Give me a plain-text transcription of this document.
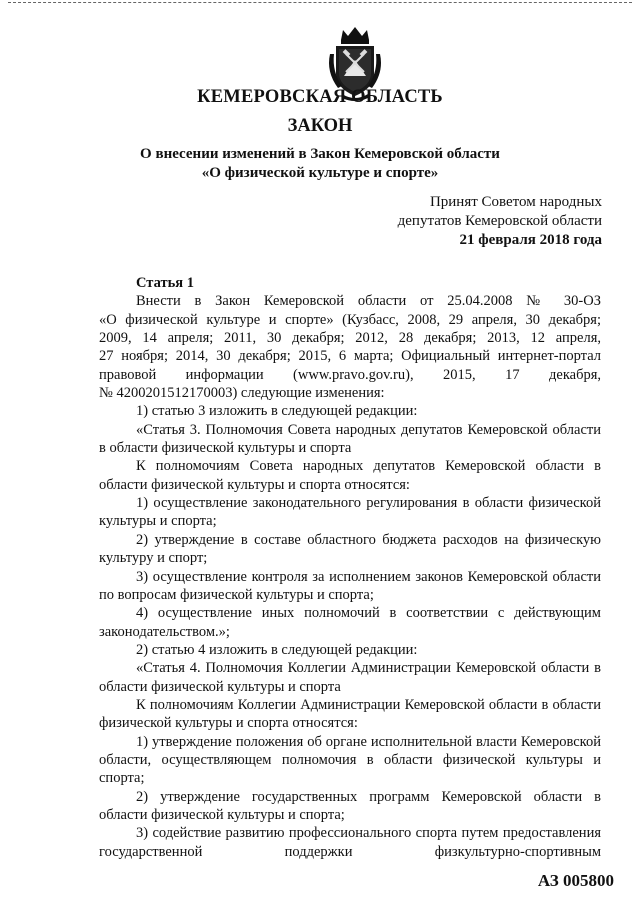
КЕМЕРОВСКАЯ ОБЛАСТЬ
ЗАКОН
О внесении изменений в Закон Кемеровской области
«О физической культуре и спорте»
Принят Советом народных
депутатов Кемеровской области
21 февраля 2018 года

Статья 1

Внести в Закон Кемеровской области от 25.04.2008 № 30-ОЗ
«О физической культуре и спорте» (Кузбасс, 2008, 29 апреля, 30 декабря;
2009, 14 апреля; 2011, 30 декабря; 2012, 28 декабря; 2013, 12 апреля,
27 ноября; 2014, 30 декабря; 2015, 6 марта; Официальный интернет-портал
правовой информации (www.pravo.gov.ru), 2015, 17 декабря,
№ 4200201512170003) следующие изменения:

1) статью 3 изложить в следующей редакции:

«Статья 3. Полномочия Совета народных депутатов Кемеровской области в области физической культуры и спорта

К полномочиям Совета народных депутатов Кемеровской области в области физической культуры и спорта относятся:

1) осуществление законодательного регулирования в области физической культуры и спорта;

2) утверждение в составе областного бюджета расходов на физическую культуру и спорт;

3) осуществление контроля за исполнением законов Кемеровской области по вопросам физической культуры и спорта;

4) осуществление иных полномочий в соответствии с действующим законодательством.»;

2) статью 4 изложить в следующей редакции:

«Статья 4. Полномочия Коллегии Администрации Кемеровской области в области физической культуры и спорта

К полномочиям Коллегии Администрации Кемеровской области в области физической культуры и спорта относятся:

1) утверждение положения об органе исполнительной власти Кемеровской области, осуществляющем полномочия в области физической культуры и спорта;

2) утверждение государственных программ Кемеровской области в области физической культуры и спорта;

3) содействие развитию профессионального спорта путем предоставления государственной поддержки физкультурно-спортивным

АЗ 005800
